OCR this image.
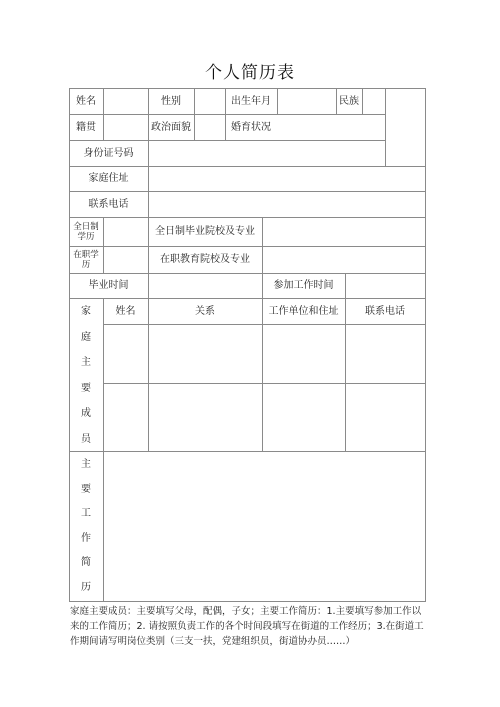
个人简历表
姓名	性别	出生年月	民族
籍贯	政治面貌	婚育状况
身份证号码
家庭住址
联系电话
全日制学历	全日制毕业院校及专业
在职学历	在职教育院校及专业
毕业时间	参加工作时间
姓名	关系	工作单位和住址	联系电话
家
庭
主
要
成
员
主
要
工
作
简
历
家庭主要成员：主要填写父母，配偶，子女；主要工作简历：1.主要填写参加工作以来的工作简历；2. 请按照负责工作的各个时间段填写在街道的工作经历；3.在街道工作期间请写明岗位类别（三支一扶，党建组织员，街道协办员……）
